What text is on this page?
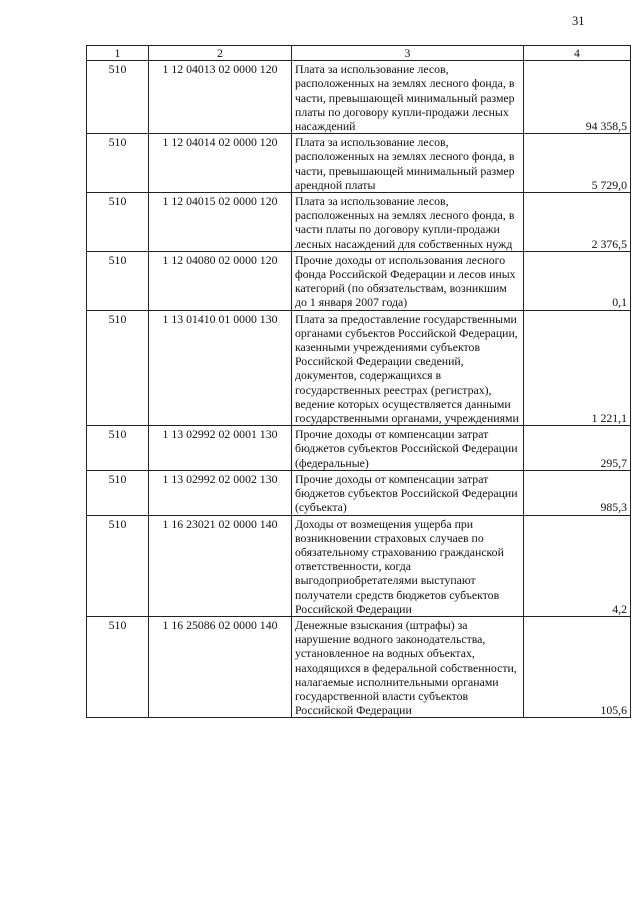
31
1	2	3	4
510	1 12 04013 02 0000 120	Плата за использование лесов, расположенных на землях лесного фонда, в части, превышающей минимальный размер платы по договору купли-продажи лесных насаждений	94 358,5
510	1 12 04014 02 0000 120	Плата за использование лесов, расположенных на землях лесного фонда, в части, превышающей минимальный размер арендной платы	5 729,0
510	1 12 04015 02 0000 120	Плата за использование лесов, расположенных на землях лесного фонда, в части платы по договору купли-продажи лесных насаждений для собственных нужд	2 376,5
510	1 12 04080 02 0000 120	Прочие доходы от использования лесного фонда Российской Федерации и лесов иных категорий (по обязательствам, возникшим до 1 января 2007 года)	0,1
510	1 13 01410 01 0000 130	Плата за предоставление государственными органами субъектов Российской Федерации, казенными учреждениями субъектов Российской Федерации сведений, документов, содержащихся в государственных реестрах (регистрах), ведение которых осуществляется данными государственными органами, учреждениями	1 221,1
510	1 13 02992 02 0001 130	Прочие доходы от компенсации затрат бюджетов субъектов Российской Федерации (федеральные)	295,7
510	1 13 02992 02 0002 130	Прочие доходы от компенсации затрат бюджетов субъектов Российской Федерации (субъекта)	985,3
510	1 16 23021 02 0000 140	Доходы от возмещения ущерба при возникновении страховых случаев по обязательному страхованию гражданской ответственности, когда выгодоприобретателями выступают получатели средств бюджетов субъектов Российской Федерации	4,2
510	1 16 25086 02 0000 140	Денежные взыскания (штрафы) за нарушение водного законодательства, установленное на водных объектах, находящихся в федеральной собственности, налагаемые исполнительными органами государственной власти субъектов Российской Федерации	105,6
